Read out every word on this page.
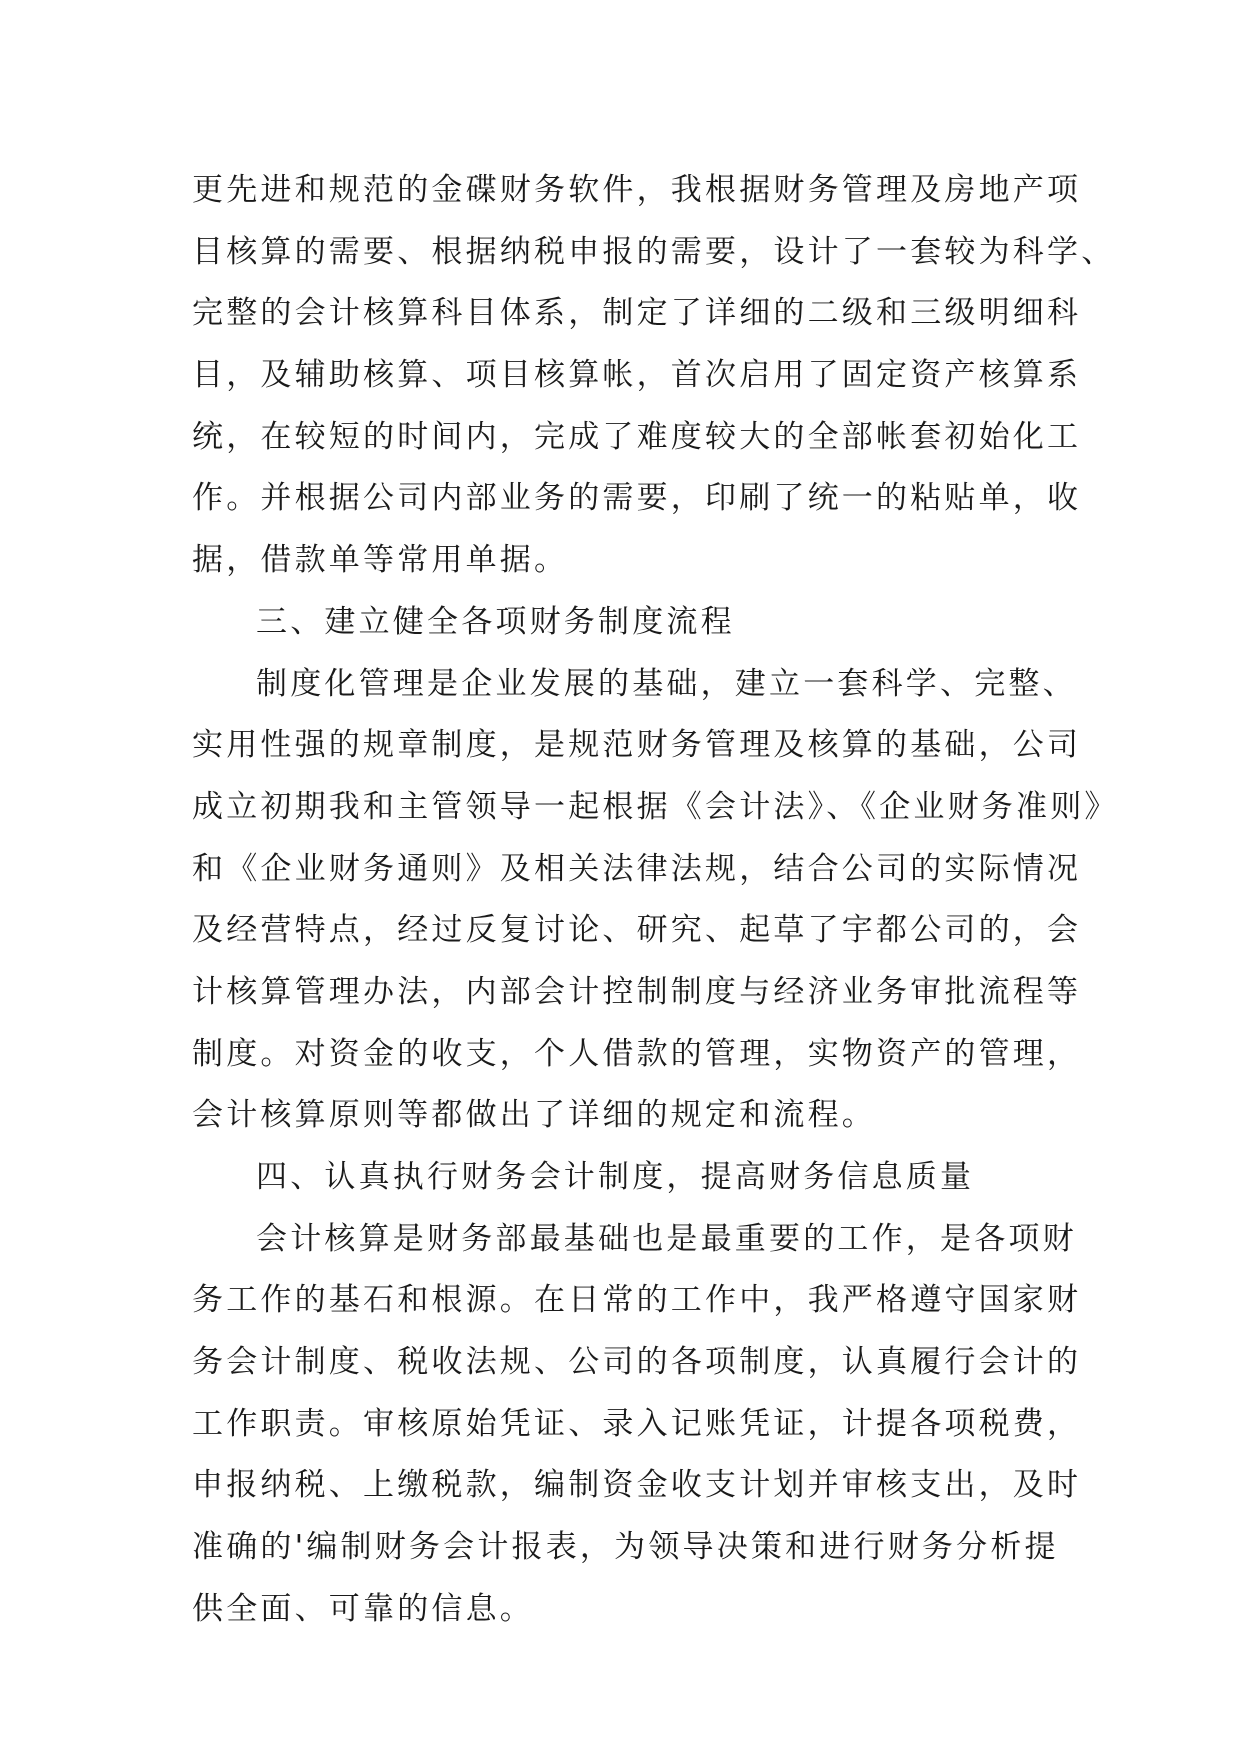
更先进和规范的金碟财务软件，我根据财务管理及房地产项
目核算的需要、根据纳税申报的需要，设计了一套较为科学、
完整的会计核算科目体系，制定了详细的二级和三级明细科
目，及辅助核算、项目核算帐，首次启用了固定资产核算系
统，在较短的时间内，完成了难度较大的全部帐套初始化工
作。并根据公司内部业务的需要，印刷了统一的粘贴单，收
据，借款单等常用单据。
三、建立健全各项财务制度流程
制度化管理是企业发展的基础，建立一套科学、完整、
实用性强的规章制度，是规范财务管理及核算的基础，公司
成立初期我和主管领导一起根据《会计法》、《企业财务准则》
和《企业财务通则》及相关法律法规，结合公司的实际情况
及经营特点，经过反复讨论、研究、起草了宇都公司的，会
计核算管理办法，内部会计控制制度与经济业务审批流程等
制度。对资金的收支，个人借款的管理，实物资产的管理，
会计核算原则等都做出了详细的规定和流程。
四、认真执行财务会计制度，提高财务信息质量
会计核算是财务部最基础也是最重要的工作，是各项财
务工作的基石和根源。在日常的工作中，我严格遵守国家财
务会计制度、税收法规、公司的各项制度，认真履行会计的
工作职责。审核原始凭证、录入记账凭证，计提各项税费，
申报纳税、上缴税款，编制资金收支计划并审核支出，及时
准确的'编制财务会计报表，为领导决策和进行财务分析提
供全面、可靠的信息。
